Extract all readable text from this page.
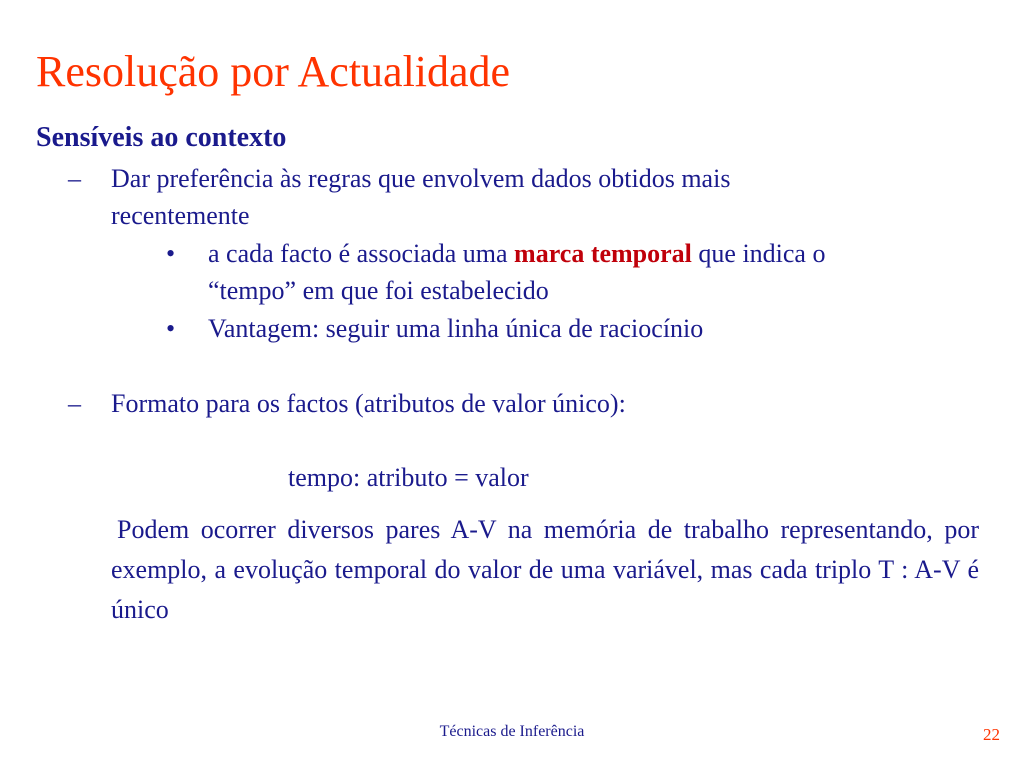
Resolução por Actualidade
Sensíveis ao contexto
–	Dar preferência às regras que envolvem dados obtidos mais
recentemente
•	a cada facto é associada uma marca temporal que indica o
“tempo” em que foi estabelecido
•	Vantagem: seguir uma linha única de raciocínio
–	Formato para os factos (atributos de valor único):
tempo: atributo = valor

Podem ocorrer diversos pares A-V na memória de trabalho representando, por exemplo, a evolução temporal do valor de uma variável, mas cada triplo T : A-V é único

Técnicas de Inferência	22
